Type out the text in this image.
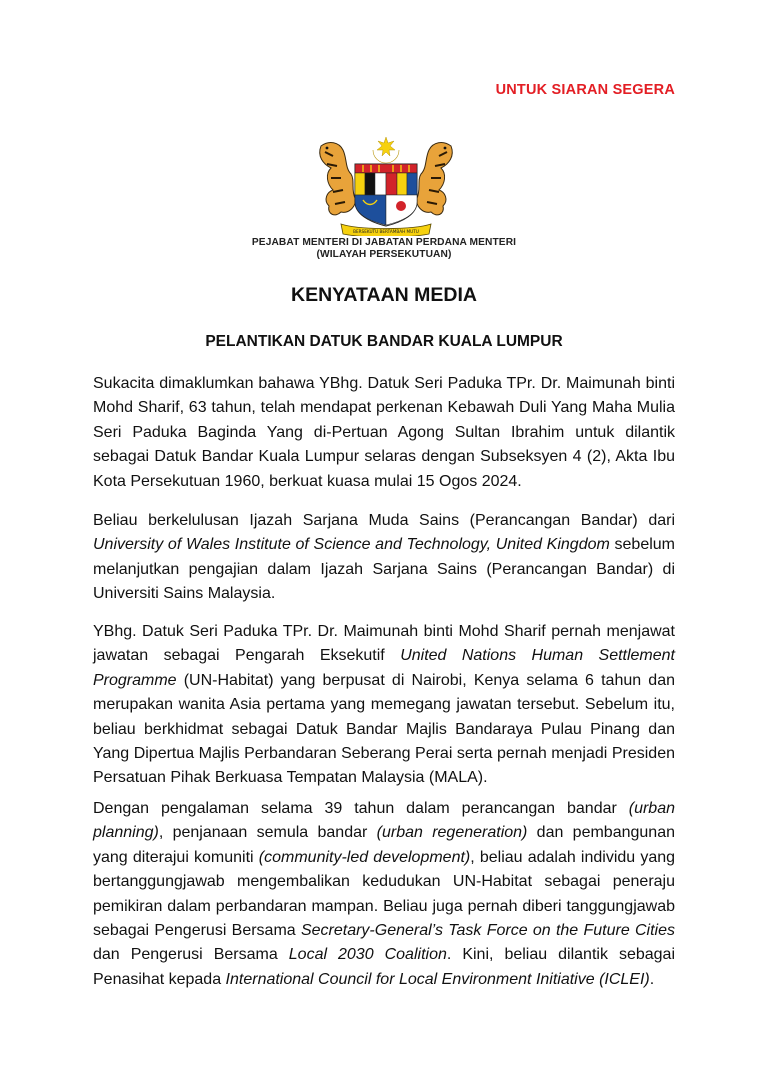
UNTUK SIARAN SEGERA
BERSEKUTU BERTAMBAH MUTU
PEJABAT MENTERI DI JABATAN PERDANA MENTERI
(WILAYAH PERSEKUTUAN)
KENYATAAN MEDIA
PELANTIKAN DATUK BANDAR KUALA LUMPUR

Sukacita dimaklumkan bahawa YBhg. Datuk Seri Paduka TPr. Dr. Maimunah binti Mohd Sharif, 63 tahun, telah mendapat perkenan Kebawah Duli Yang Maha Mulia Seri Paduka Baginda Yang di-Pertuan Agong Sultan Ibrahim untuk dilantik sebagai Datuk Bandar Kuala Lumpur selaras dengan Subseksyen 4 (2), Akta Ibu Kota Persekutuan 1960, berkuat kuasa mulai 15 Ogos 2024.

Beliau berkelulusan Ijazah Sarjana Muda Sains (Perancangan Bandar) dari University of Wales Institute of Science and Technology, United Kingdom sebelum melanjutkan pengajian dalam Ijazah Sarjana Sains (Perancangan Bandar) di Universiti Sains Malaysia.

YBhg. Datuk Seri Paduka TPr. Dr. Maimunah binti Mohd Sharif pernah menjawat jawatan sebagai Pengarah Eksekutif United Nations Human Settlement Programme (UN-Habitat) yang berpusat di Nairobi, Kenya selama 6 tahun dan merupakan wanita Asia pertama yang memegang jawatan tersebut. Sebelum itu, beliau berkhidmat sebagai Datuk Bandar Majlis Bandaraya Pulau Pinang dan Yang Dipertua Majlis Perbandaran Seberang Perai serta pernah menjadi Presiden Persatuan Pihak Berkuasa Tempatan Malaysia (MALA).

Dengan pengalaman selama 39 tahun dalam perancangan bandar (urban planning), penjanaan semula bandar (urban regeneration) dan pembangunan yang diterajui komuniti (community-led development), beliau adalah individu yang bertanggungjawab mengembalikan kedudukan UN-Habitat sebagai peneraju pemikiran dalam perbandaran mampan. Beliau juga pernah diberi tanggungjawab sebagai Pengerusi Bersama Secretary-General’s Task Force on the Future Cities dan Pengerusi Bersama Local 2030 Coalition. Kini, beliau dilantik sebagai Penasihat kepada International Council for Local Environment Initiative (ICLEI).
